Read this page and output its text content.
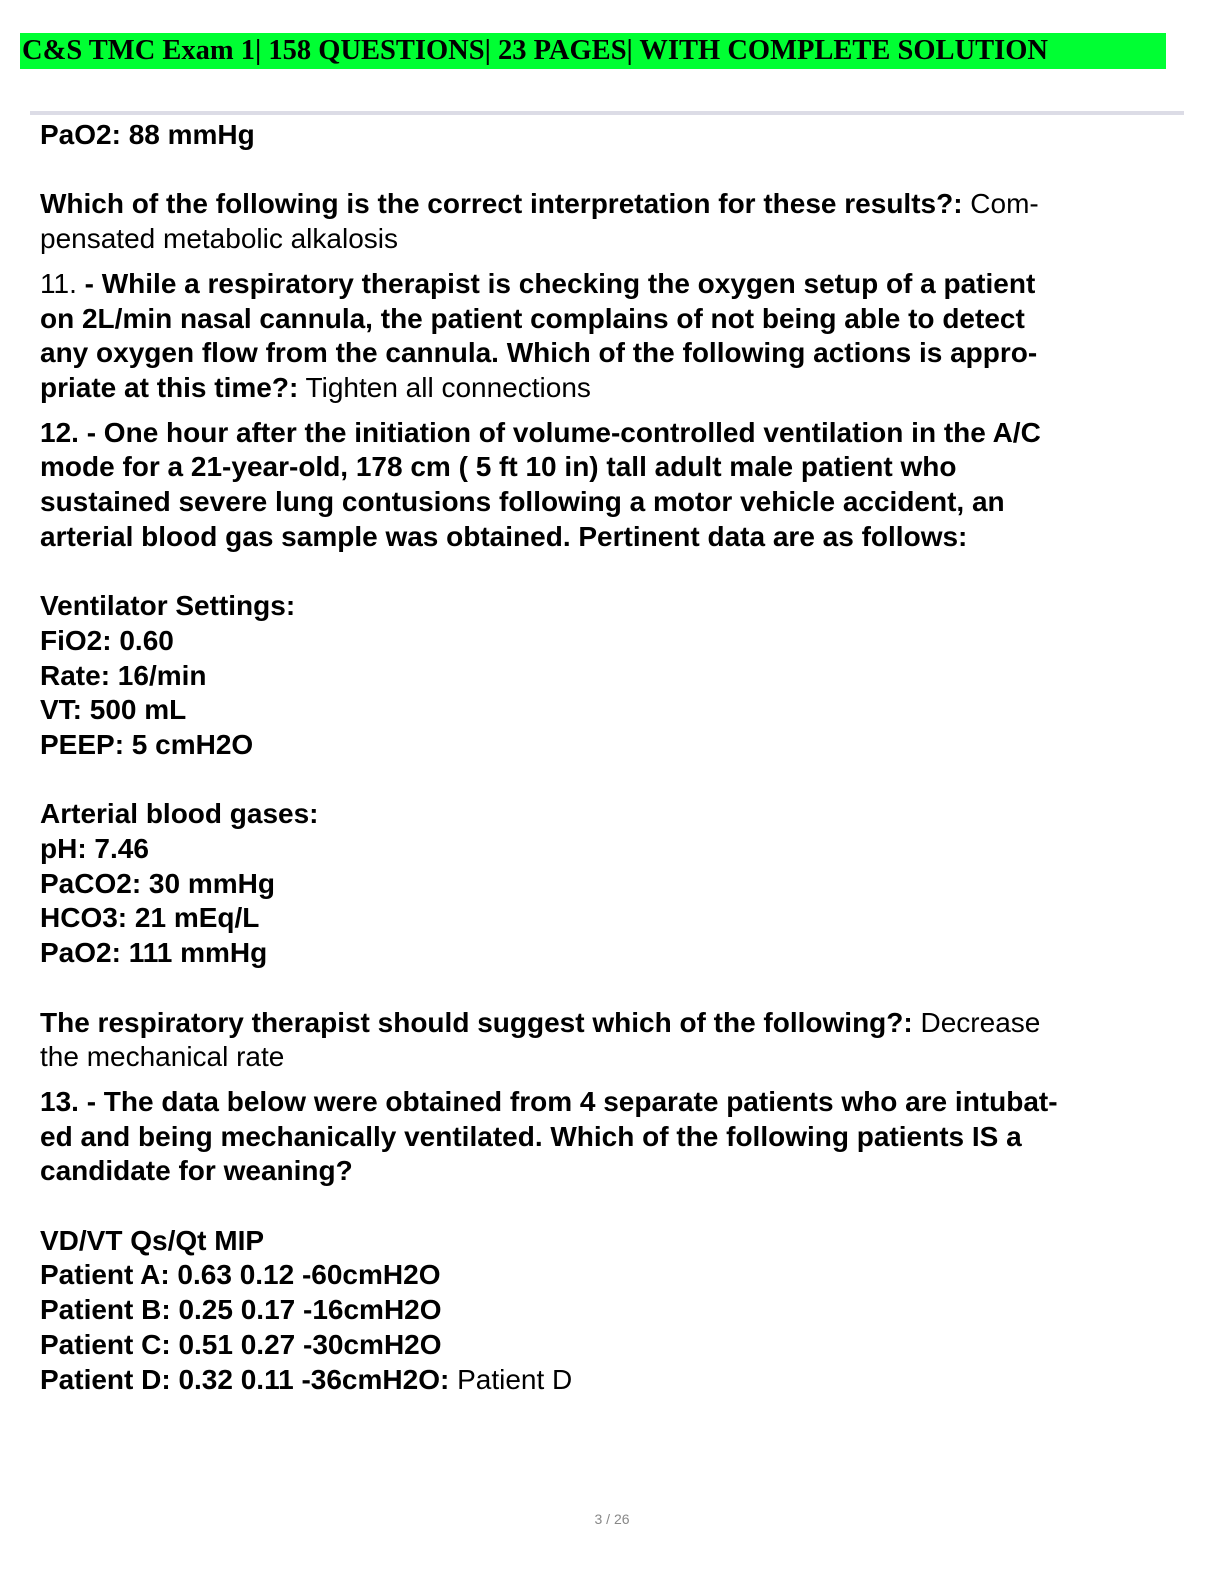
C&S TMC Exam 1| 158 QUESTIONS| 23 PAGES| WITH COMPLETE SOLUTION
PaO2: 88 mmHg
Which of the following is the correct interpretation for these results?: Com-
pensated metabolic alkalosis
11. - While a respiratory therapist is checking the oxygen setup of a patient
on 2L/min nasal cannula, the patient complains of not being able to detect
any oxygen flow from the cannula. Which of the following actions is appro-
priate at this time?: Tighten all connections
12. - One hour after the initiation of volume-controlled ventilation in the A/C
mode for a 21-year-old, 178 cm ( 5 ft 10 in) tall adult male patient who
sustained severe lung contusions following a motor vehicle accident, an
arterial blood gas sample was obtained. Pertinent data are as follows:
Ventilator Settings:
FiO2: 0.60
Rate: 16/min
VT: 500 mL
PEEP: 5 cmH2O
Arterial blood gases:
pH: 7.46
PaCO2: 30 mmHg
HCO3: 21 mEq/L
PaO2: 111 mmHg
The respiratory therapist should suggest which of the following?: Decrease
the mechanical rate
13. - The data below were obtained from 4 separate patients who are intubat-
ed and being mechanically ventilated. Which of the following patients IS a
candidate for weaning?
VD/VT Qs/Qt MIP
Patient A: 0.63 0.12 -60cmH2O
Patient B: 0.25 0.17 -16cmH2O
Patient C: 0.51 0.27 -30cmH2O
Patient D: 0.32 0.11 -36cmH2O: Patient D
3 / 26
